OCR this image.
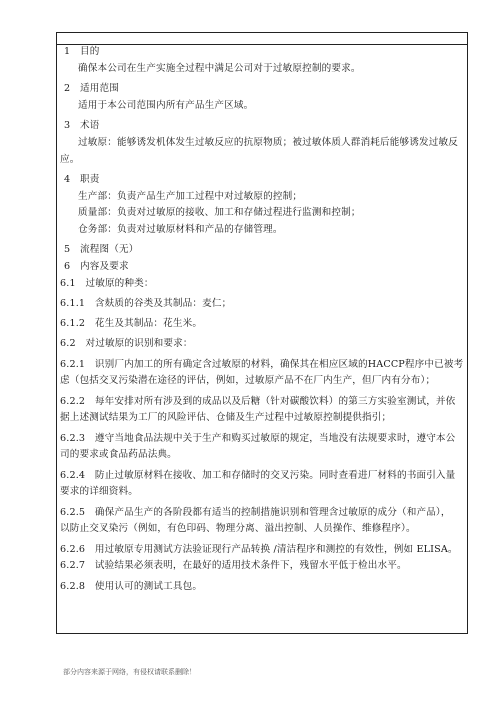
1　目的
确保本公司在生产实施全过程中满足公司对于过敏原控制的要求。
2　适用范围
适用于本公司范围内所有产品生产区域。
3　术语
过敏原：能够诱发机体发生过敏反应的抗原物质；被过敏体质人群消耗后能够诱发过敏反
应。
4　职责
生产部：负责产品生产加工过程中对过敏原的控制；
质量部：负责对过敏原的接收、加工和存储过程进行监测和控制；
仓务部：负责对过敏原材料和产品的存储管理。
5　流程图（无）
6　内容及要求
6.1　过敏原的种类：
6.1.1　含麸质的谷类及其制品：麦仁；
6.1.2　花生及其制品：花生米。
6.2　对过敏原的识别和要求：
6.2.1　识别厂内加工的所有确定含过敏原的材料，确保其在相应区域的HACCP程序中已被考
虑（包括交叉污染潜在途径的评估，例如，过敏原产品不在厂内生产，但厂内有分布）；
6.2.2　每年安排对所有涉及到的成品以及后糖（针对碳酸饮料）的第三方实验室测试，并依
据上述测试结果为工厂的风险评估、仓储及生产过程中过敏原控制提供指引；
6.2.3　遵守当地食品法规中关于生产和购买过敏原的规定，当地没有法规要求时，遵守本公
司的要求或食品药品法典。
6.2.4　防止过敏原材料在接收、加工和存储时的交叉污染。同时查看进厂材料的书面引入量
要求的详细资料。
6.2.5　确保产品生产的各阶段都有适当的控制措施识别和管理含过敏原的成分（和产品），
以防止交叉染污（例如，有色印码、物理分离、溢出控制、人员操作、维修程序）。
6.2.6　用过敏原专用测试方法验证现行产品转换 /清洁程序和测控的有效性，例如 ELISA。
6.2.7　试验结果必须表明，在最好的适用技术条件下，残留水平低于检出水平。
6.2.8　使用认可的测试工具包。
部分内容来源于网络，有侵权请联系删除！
